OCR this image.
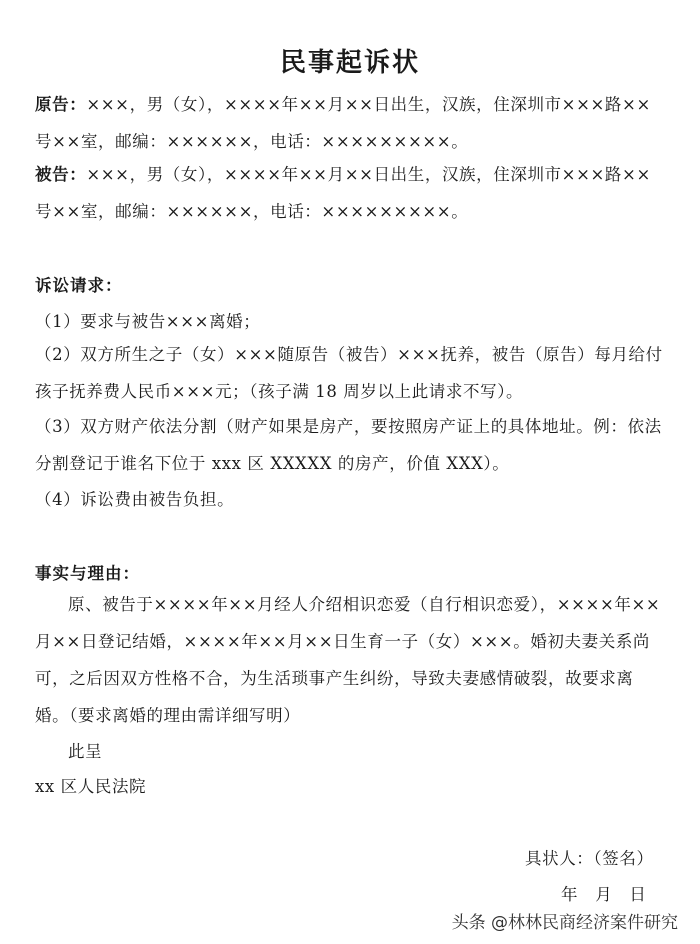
民事起诉状
原告：×××，男（女），××××年××月××日出生，汉族，住深圳市×××路××号××室，邮编：××××××，电话：×××××××××。
被告：×××，男（女），××××年××月××日出生，汉族，住深圳市×××路××号××室，邮编：××××××，电话：×××××××××。
诉讼请求：
（1）要求与被告×××离婚；
（2）双方所生之子（女）×××随原告（被告）×××抚养，被告（原告）每月给付孩子抚养费人民币×××元；（孩子满 18 周岁以上此请求不写）。
（3）双方财产依法分割（财产如果是房产，要按照房产证上的具体地址。例：依法分割登记于谁名下位于 xxx 区 XXXXX 的房产，价值 XXX）。
（4）诉讼费由被告负担。
事实与理由：
原、被告于××××年××月经人介绍相识恋爱（自行相识恋爱），××××年××月××日登记结婚，××××年××月××日生育一子（女）×××。婚初夫妻关系尚可，之后因双方性格不合，为生活琐事产生纠纷，导致夫妻感情破裂，故要求离婚。（要求离婚的理由需详细写明）
此呈
xx 区人民法院
具状人：（签名）
年　月　日
头条 @林林民商经济案件研究
